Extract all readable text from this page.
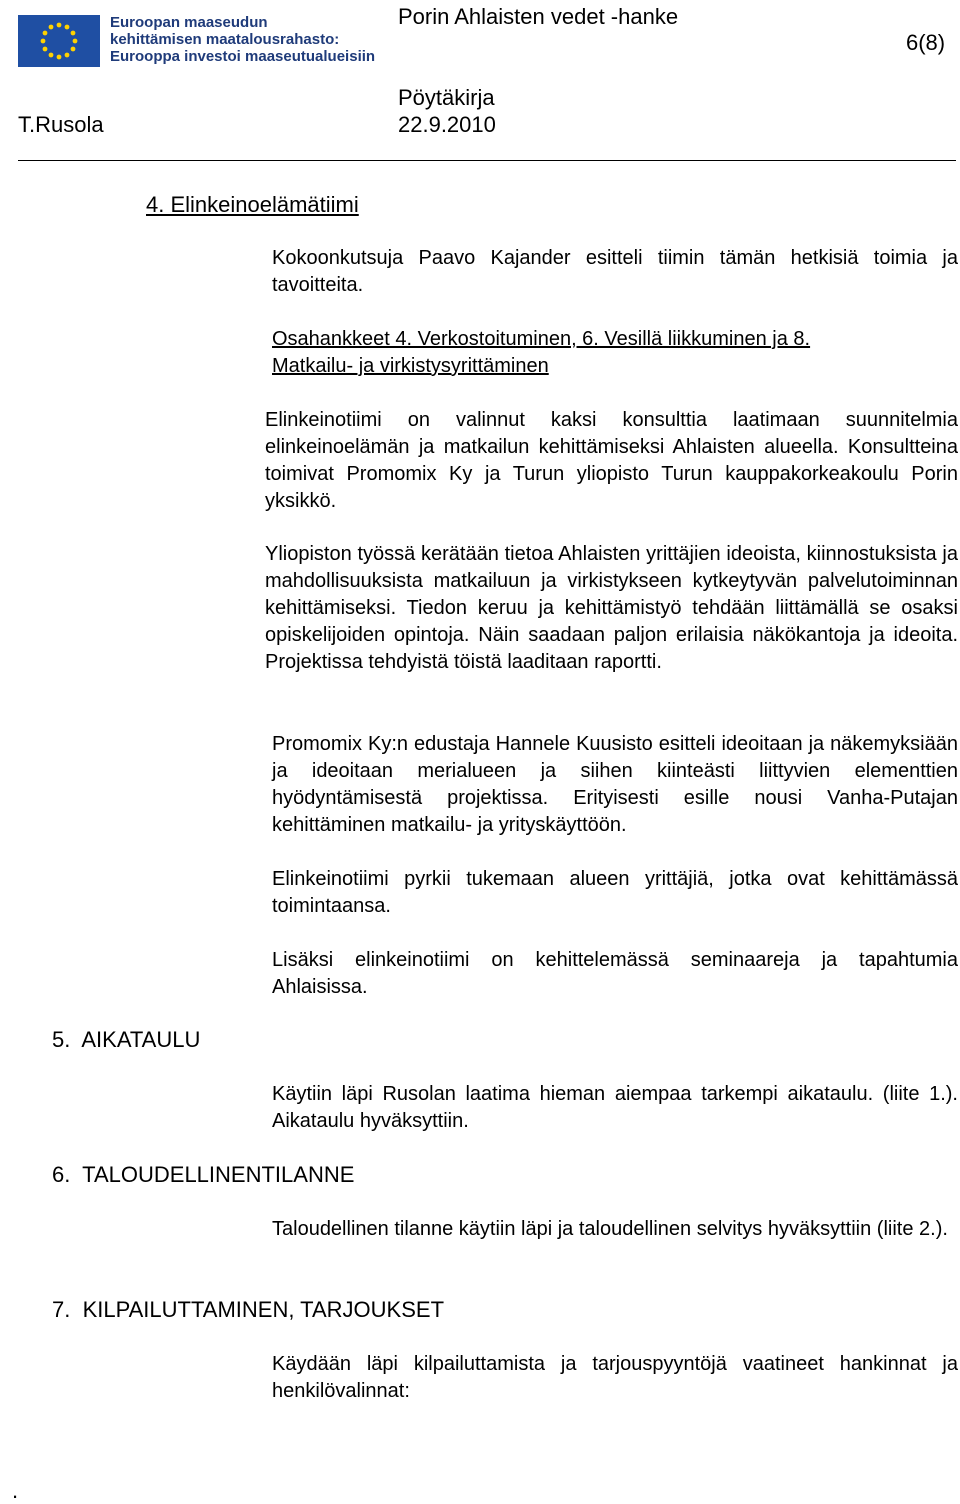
Euroopan maaseudun
kehittämisen maatalousrahasto:
Eurooppa investoi maaseutualueisiin
Porin Ahlaisten vedet -hanke
6(8)
Pöytäkirja
T.Rusola	22.9.2010
4. Elinkeinoelämätiimi
Kokoonkutsuja Paavo Kajander esitteli tiimin tämän hetkisiä toimia ja tavoitteita.
Osahankkeet 4. Verkostoituminen, 6. Vesillä liikkuminen ja 8. Matkailu- ja virkistysyrittäminen
Elinkeinotiimi on valinnut kaksi konsulttia laatimaan suunnitelmia elinkeinoelämän ja matkailun kehittämiseksi Ahlaisten alueella. Konsultteina toimivat Promomix Ky ja Turun yliopisto Turun kauppakorkeakoulu Porin yksikkö.
Yliopiston työssä kerätään tietoa Ahlaisten yrittäjien ideoista, kiinnostuksista ja mahdollisuuksista matkailuun ja virkistykseen kytkeytyvän palvelutoiminnan kehittämiseksi. Tiedon keruu ja kehittämistyö tehdään liittämällä se osaksi opiskelijoiden opintoja. Näin saadaan paljon erilaisia näkökantoja ja ideoita. Projektissa tehdyistä töistä laaditaan raportti.
Promomix Ky:n edustaja Hannele Kuusisto esitteli ideoitaan ja näkemyksiään ja ideoitaan merialueen ja siihen kiinteästi liittyvien elementtien hyödyntämisestä projektissa. Erityisesti esille nousi Vanha-Putajan kehittäminen matkailu- ja yrityskäyttöön.
Elinkeinotiimi pyrkii tukemaan alueen yrittäjiä, jotka ovat kehittämässä toimintaansa.
Lisäksi elinkeinotiimi on kehittelemässä seminaareja ja tapahtumia Ahlaisissa.
5.  AIKATAULU
Käytiin läpi Rusolan laatima hieman aiempaa tarkempi aikataulu. (liite 1.). Aikataulu hyväksyttiin.
6.  TALOUDELLINENTILANNE
Taloudellinen tilanne käytiin läpi ja taloudellinen selvitys hyväksyttiin (liite 2.).
7.  KILPAILUTTAMINEN, TARJOUKSET
Käydään läpi kilpailuttamista ja tarjouspyyntöjä vaatineet hankinnat ja henkilövalinnat:
.
